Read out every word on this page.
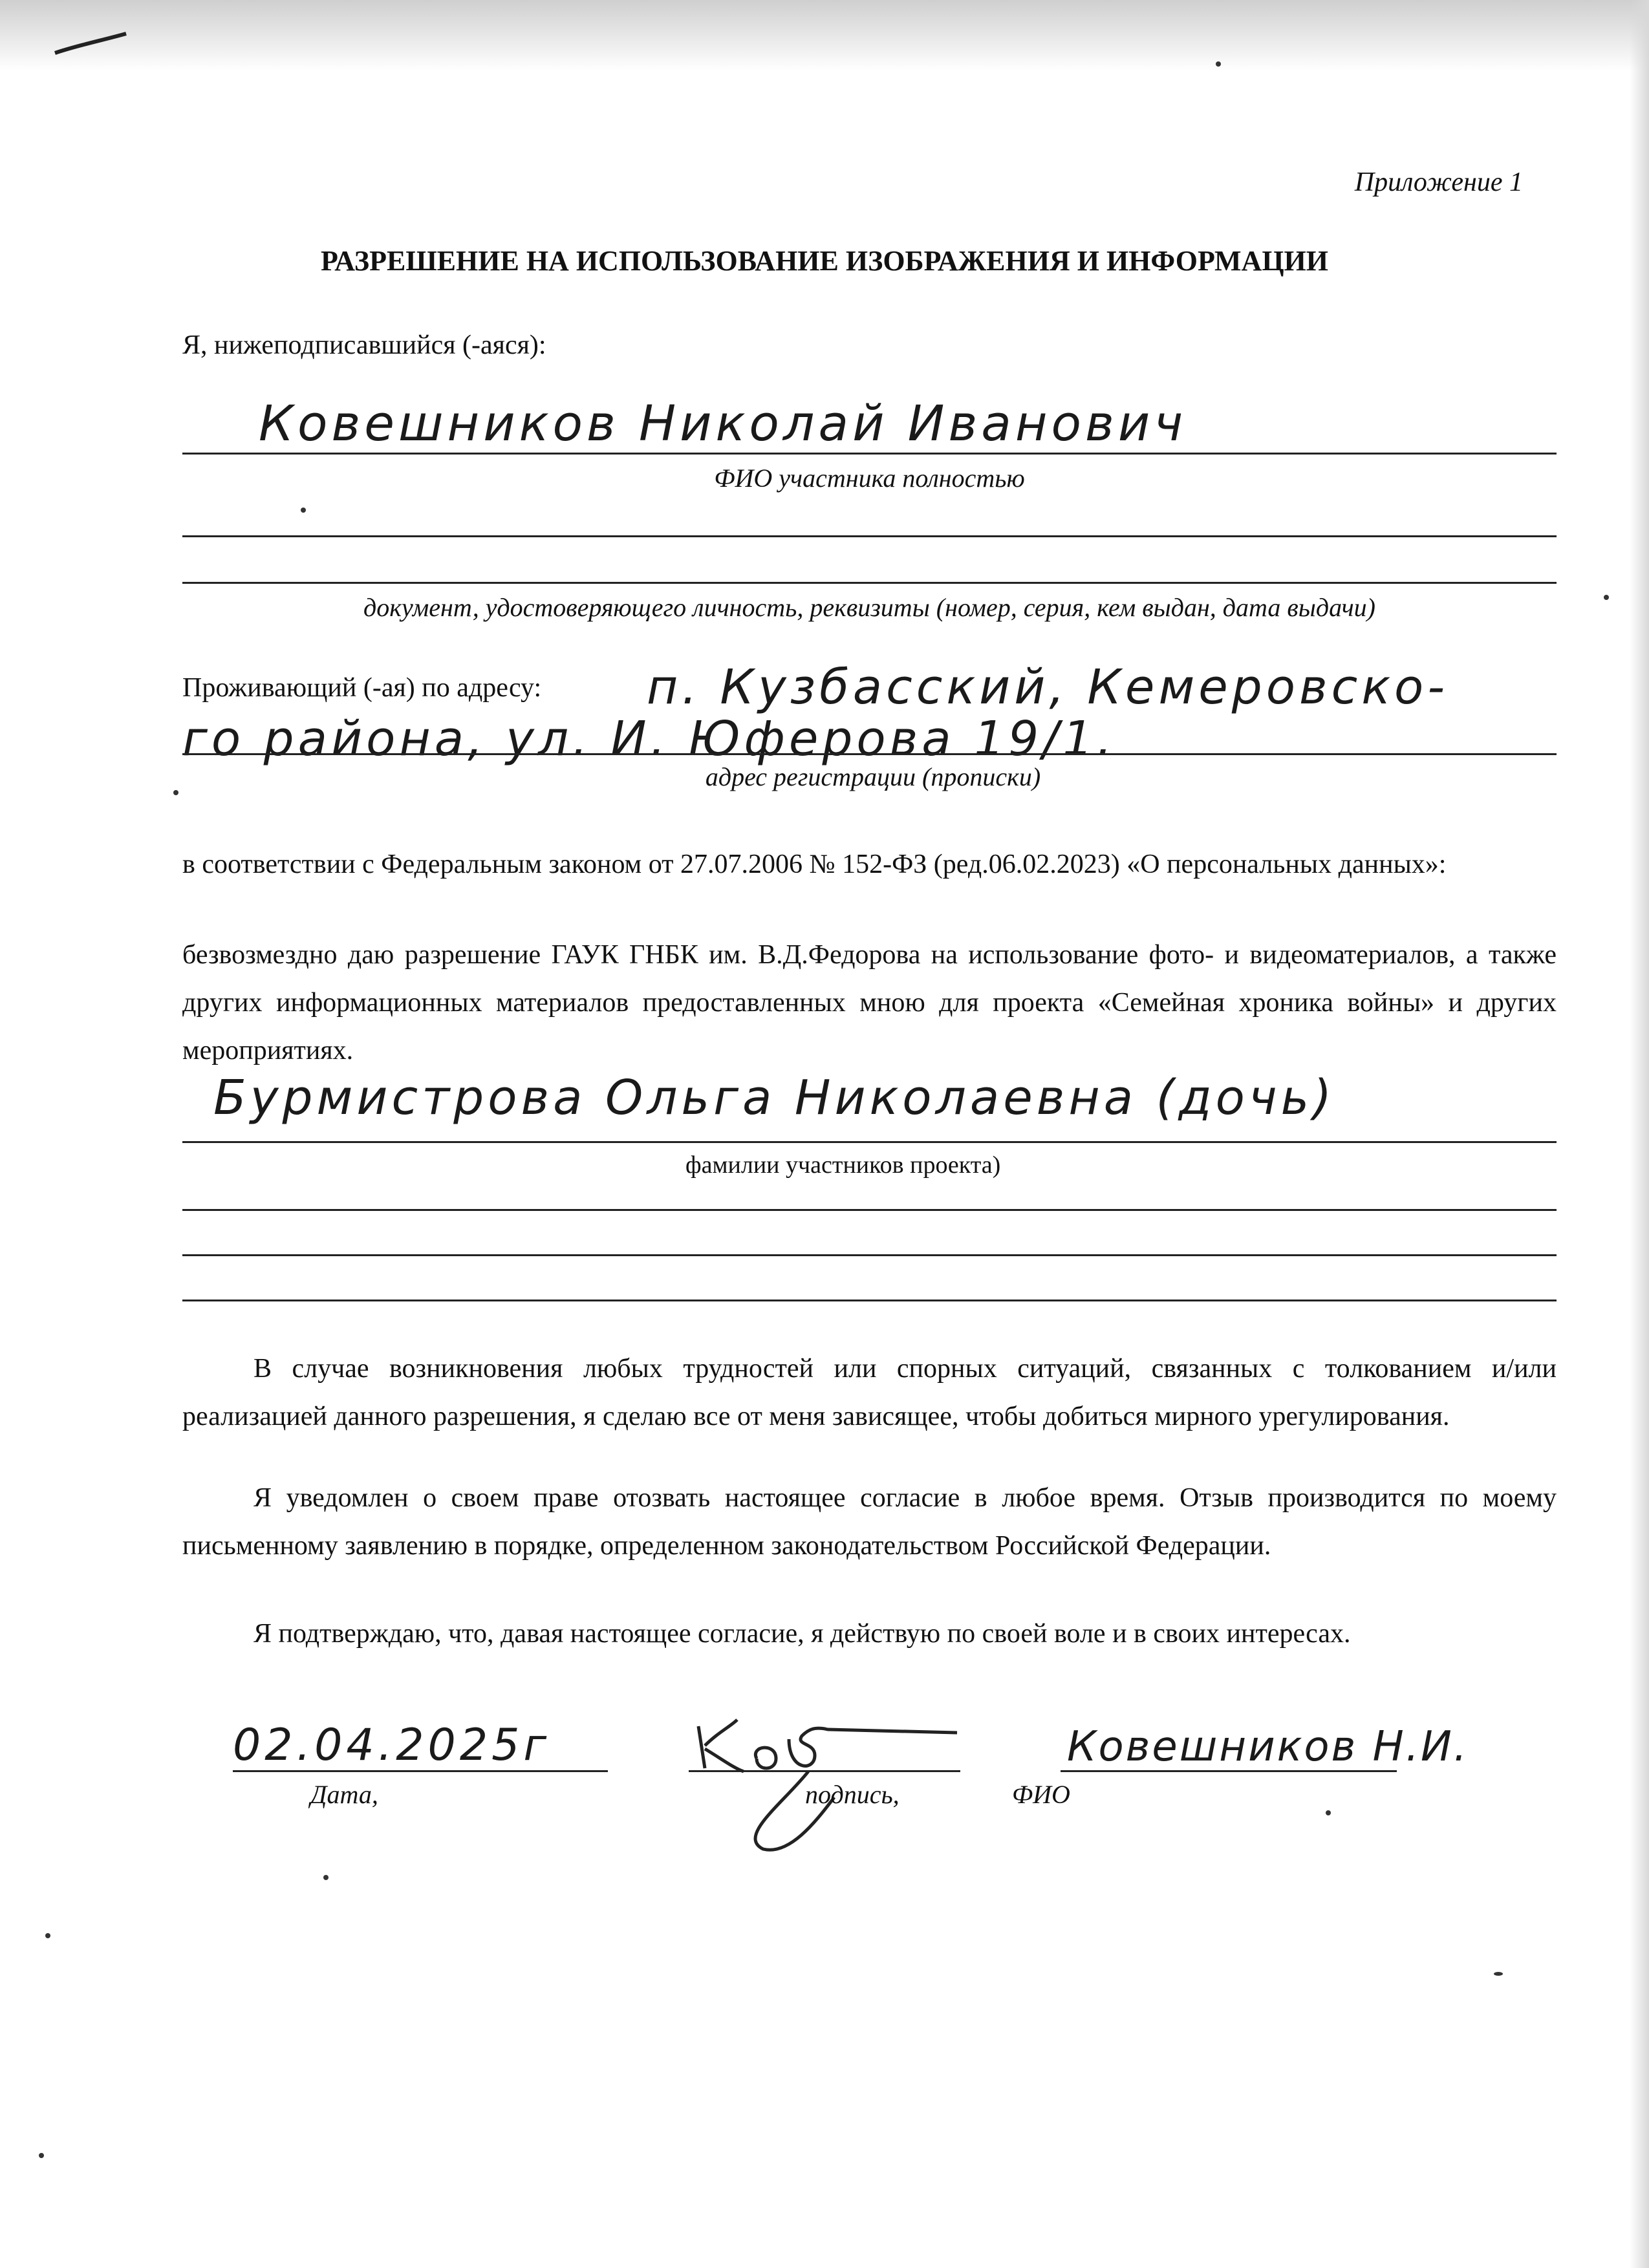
Приложение 1
РАЗРЕШЕНИЕ НА ИСПОЛЬЗОВАНИЕ ИЗОБРАЖЕНИЯ И ИНФОРМАЦИИ
Я, нижеподписавшийся (-аяся):
Ковешников Николай Иванович
ФИО участника полностью
документ, удостоверяющего личность, реквизиты (номер, серия, кем выдан, дата выдачи)
Проживающий (-ая) по адресу: п. Кузбасский, Кемеровско-
го района, ул. И. Юферова 19/1.
адрес регистрации (прописки)
в соответствии с Федеральным законом от 27.07.2006 № 152-ФЗ (ред.06.02.2023) «О персональных данных»:
безвозмездно даю разрешение ГАУК ГНБК им. В.Д.Федорова на использование фото- и видеоматериалов, а также других информационных материалов предоставленных мною для проекта «Семейная хроника войны» и других мероприятиях.
Бурмистрова Ольга Николаевна (дочь)
фамилии участников проекта)
В случае возникновения любых трудностей или спорных ситуаций, связанных с толкованием и/или реализацией данного разрешения, я сделаю все от меня зависящее, чтобы добиться мирного урегулирования.
Я уведомлен о своем праве отозвать настоящее согласие в любое время. Отзыв производится по моему письменному заявлению в порядке, определенном законодательством Российской Федерации.
Я подтверждаю, что, давая настоящее согласие, я действую по своей воле и в своих интересах.
02.04.2025г
Дата,	подпись,
Ковешников Н.И.
ФИО
